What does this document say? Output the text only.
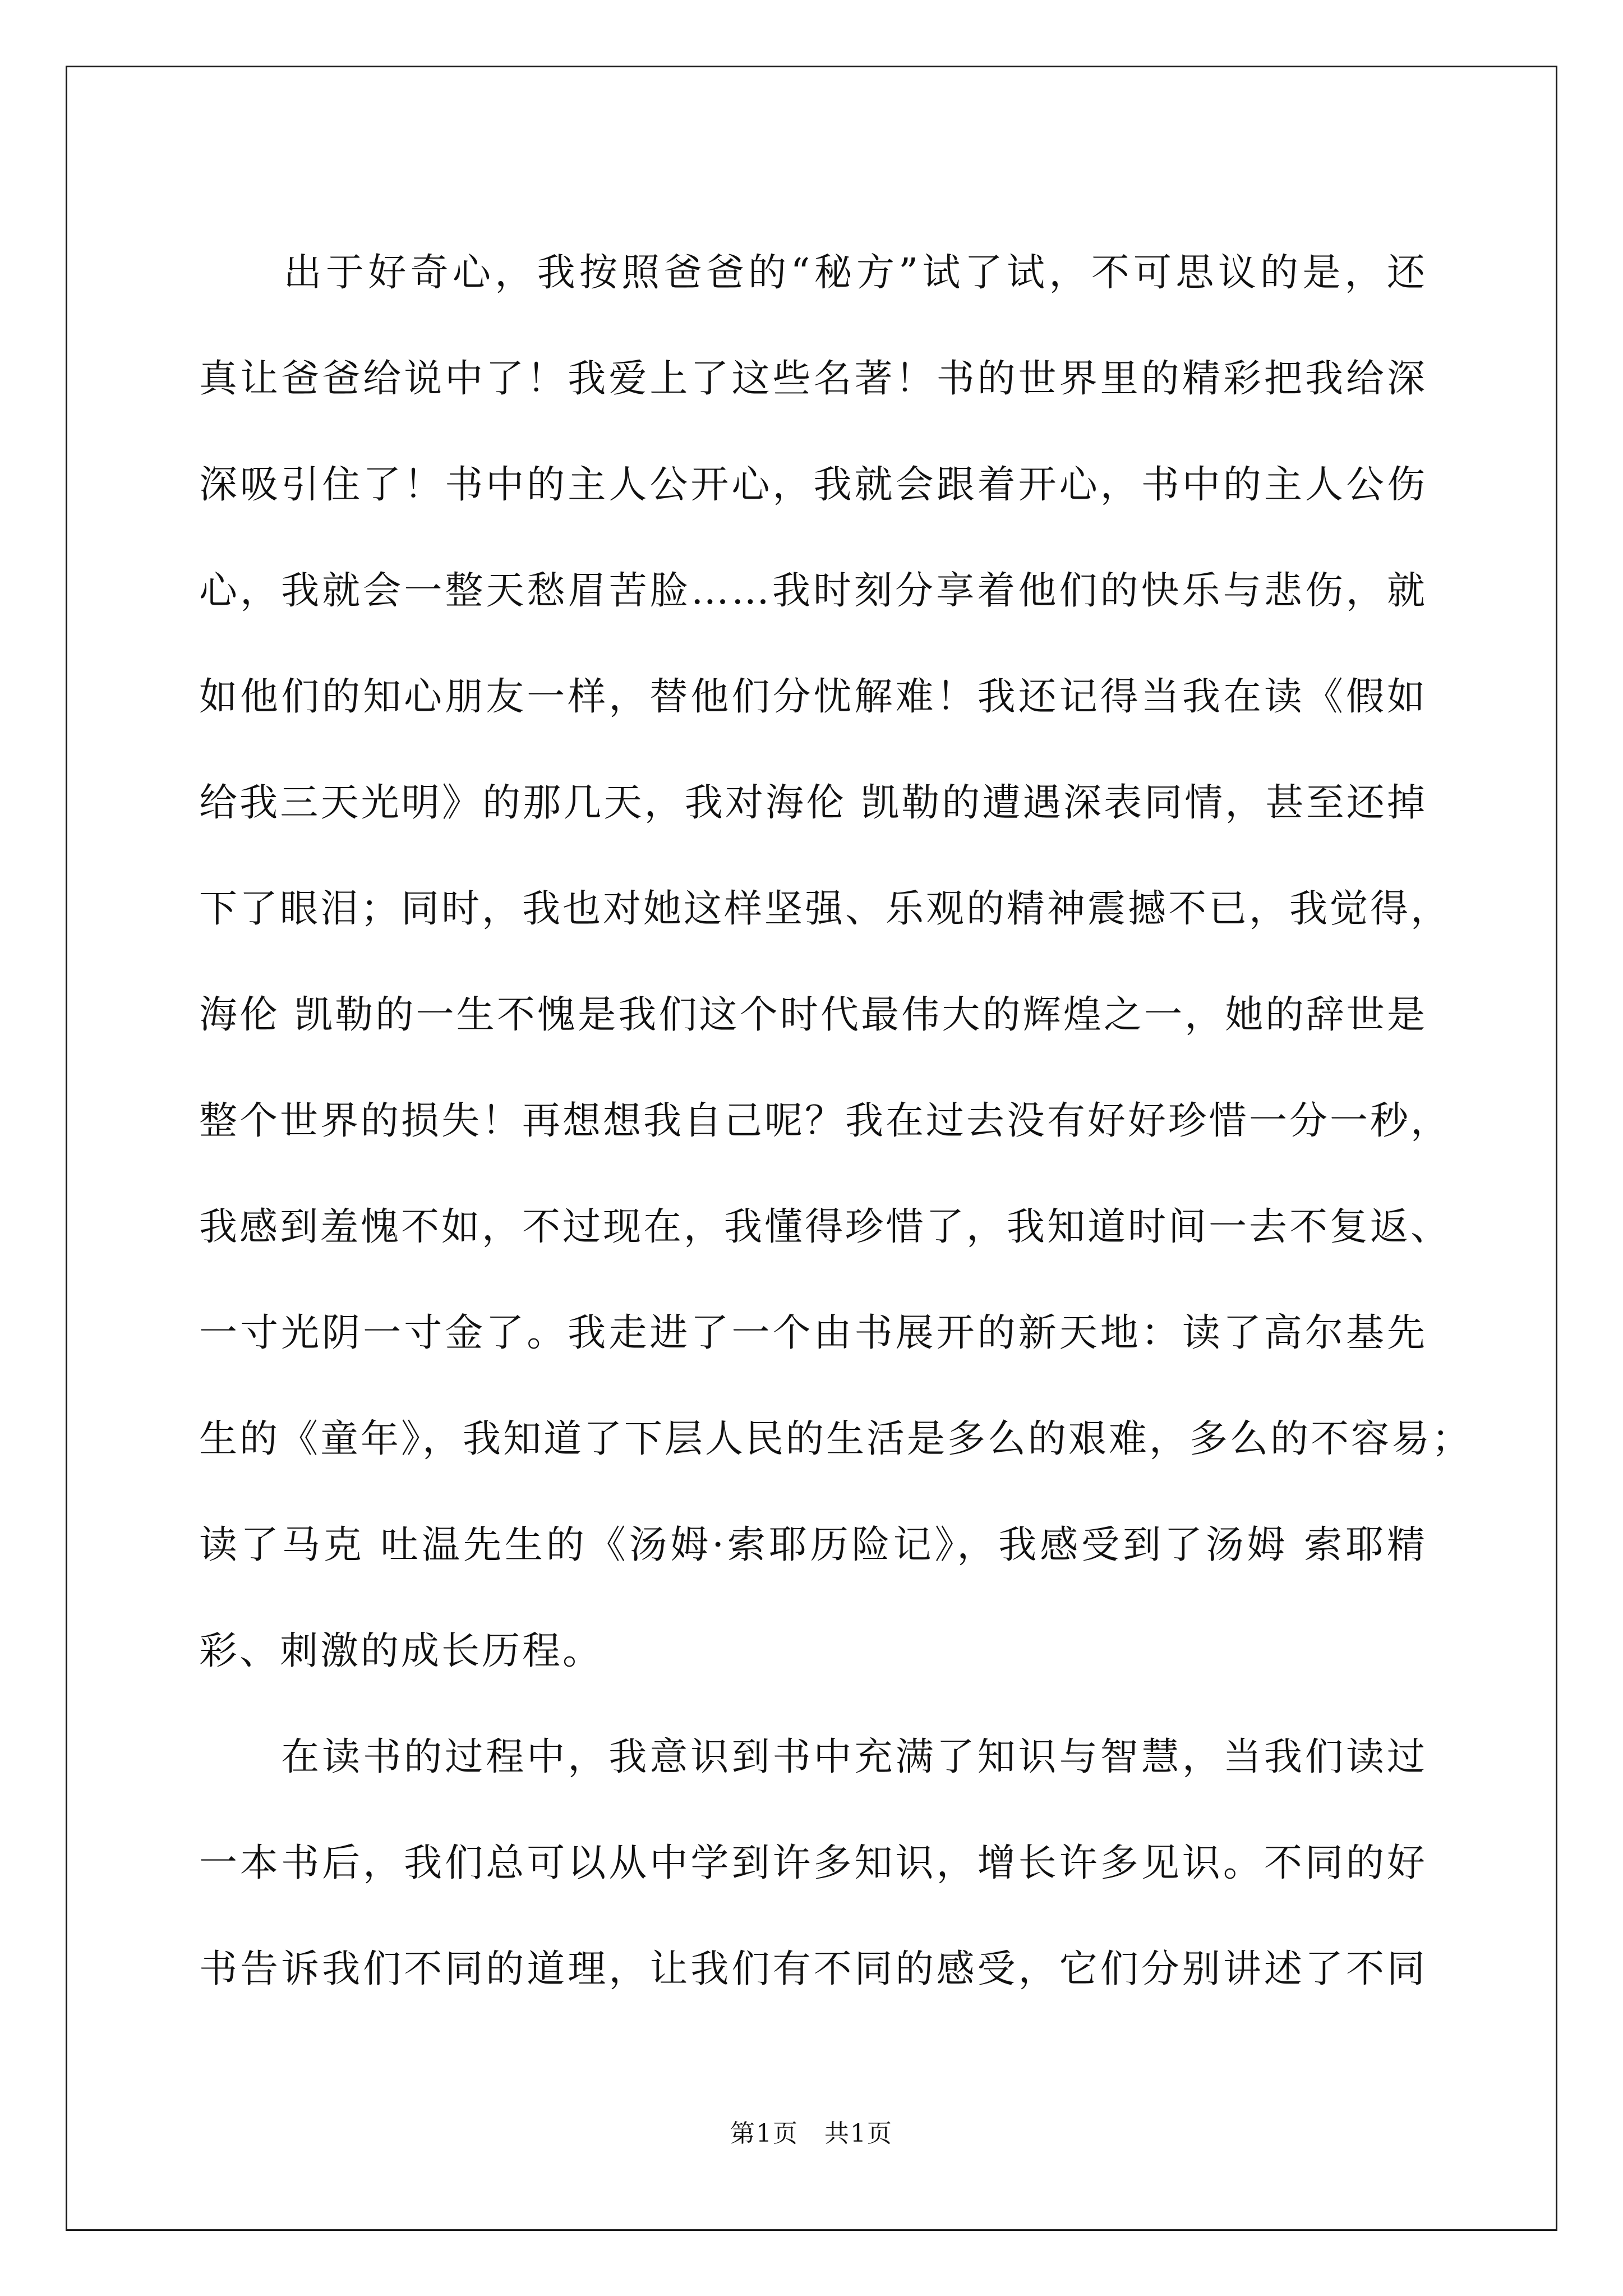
　　出于好奇心，我按照爸爸的“秘方”试了试，不可思议的是，还
真让爸爸给说中了！我爱上了这些名著！书的世界里的精彩把我给深
深吸引住了！书中的主人公开心，我就会跟着开心，书中的主人公伤
心，我就会一整天愁眉苦脸……我时刻分享着他们的快乐与悲伤，就
如他们的知心朋友一样，替他们分忧解难！我还记得当我在读《假如
给我三天光明》的那几天，我对海伦 凯勒的遭遇深表同情，甚至还掉
下了眼泪；同时，我也对她这样坚强、乐观的精神震撼不已，我觉得，
海伦 凯勒的一生不愧是我们这个时代最伟大的辉煌之一，她的辞世是
整个世界的损失！再想想我自己呢？我在过去没有好好珍惜一分一秒，
我感到羞愧不如，不过现在，我懂得珍惜了，我知道时间一去不复返、
一寸光阴一寸金了。我走进了一个由书展开的新天地：读了高尔基先
生的《童年》，我知道了下层人民的生活是多么的艰难，多么的不容易；
读了马克 吐温先生的《汤姆·索耶历险记》，我感受到了汤姆 索耶精
彩、刺激的成长历程。
　　在读书的过程中，我意识到书中充满了知识与智慧，当我们读过
一本书后，我们总可以从中学到许多知识，增长许多见识。不同的好
书告诉我们不同的道理，让我们有不同的感受，它们分别讲述了不同
第1页　共1页
